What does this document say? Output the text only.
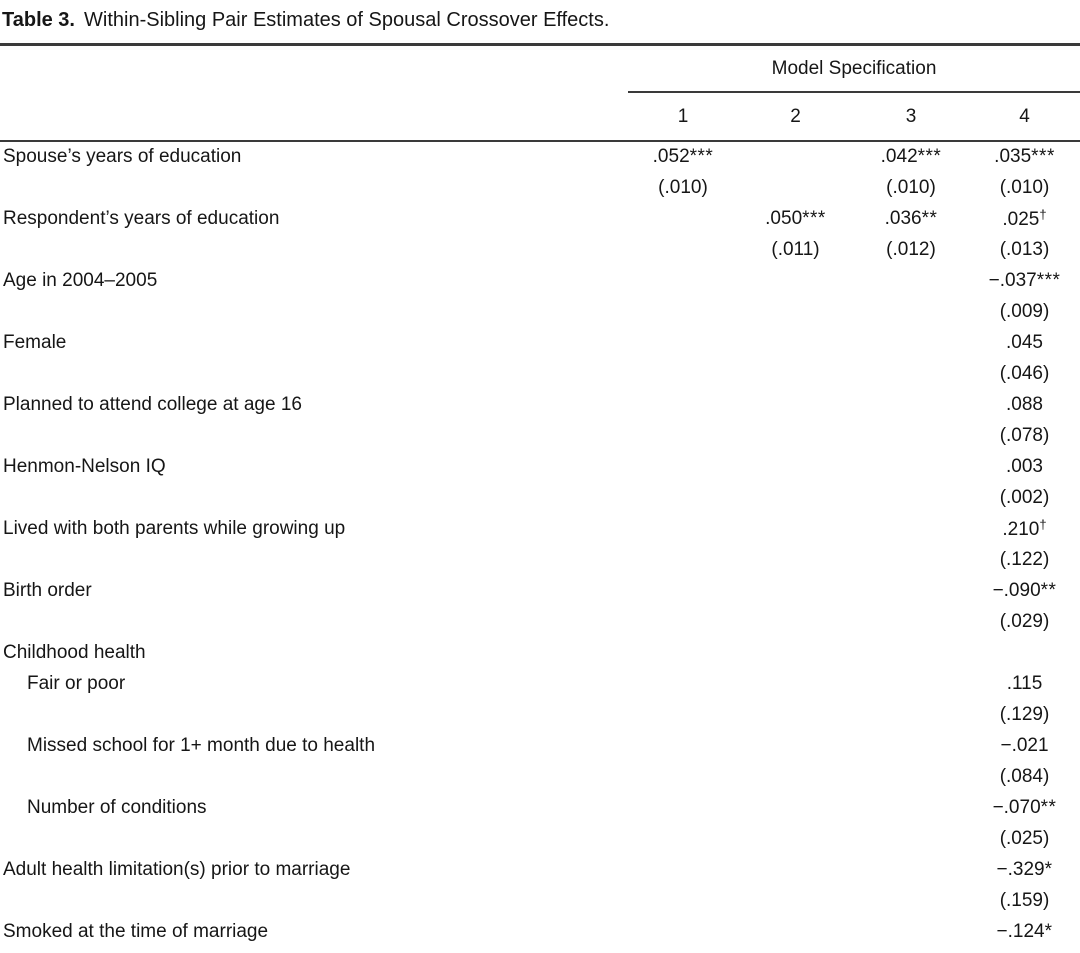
Table 3. Within-Sibling Pair Estimates of Spousal Crossover Effects.
	Model Specification			
	1	2	3	4
Spouse’s years of education	.052***		.042***	.035***
	(.010)		(.010)	(.010)
Respondent’s years of education		.050***	.036**	.025†
		(.011)	(.012)	(.013)
Age in 2004–2005				−.037***
				(.009)
Female				.045
				(.046)
Planned to attend college at age 16				.088
				(.078)
Henmon-Nelson IQ				.003
				(.002)
Lived with both parents while growing up				.210†
				(.122)
Birth order				−.090**
				(.029)
Childhood health				
Fair or poor				.115
				(.129)
Missed school for 1+ month due to health				−.021
				(.084)
Number of conditions				−.070**
				(.025)
Adult health limitation(s) prior to marriage				−.329*
				(.159)
Smoked at the time of marriage				−.124*
